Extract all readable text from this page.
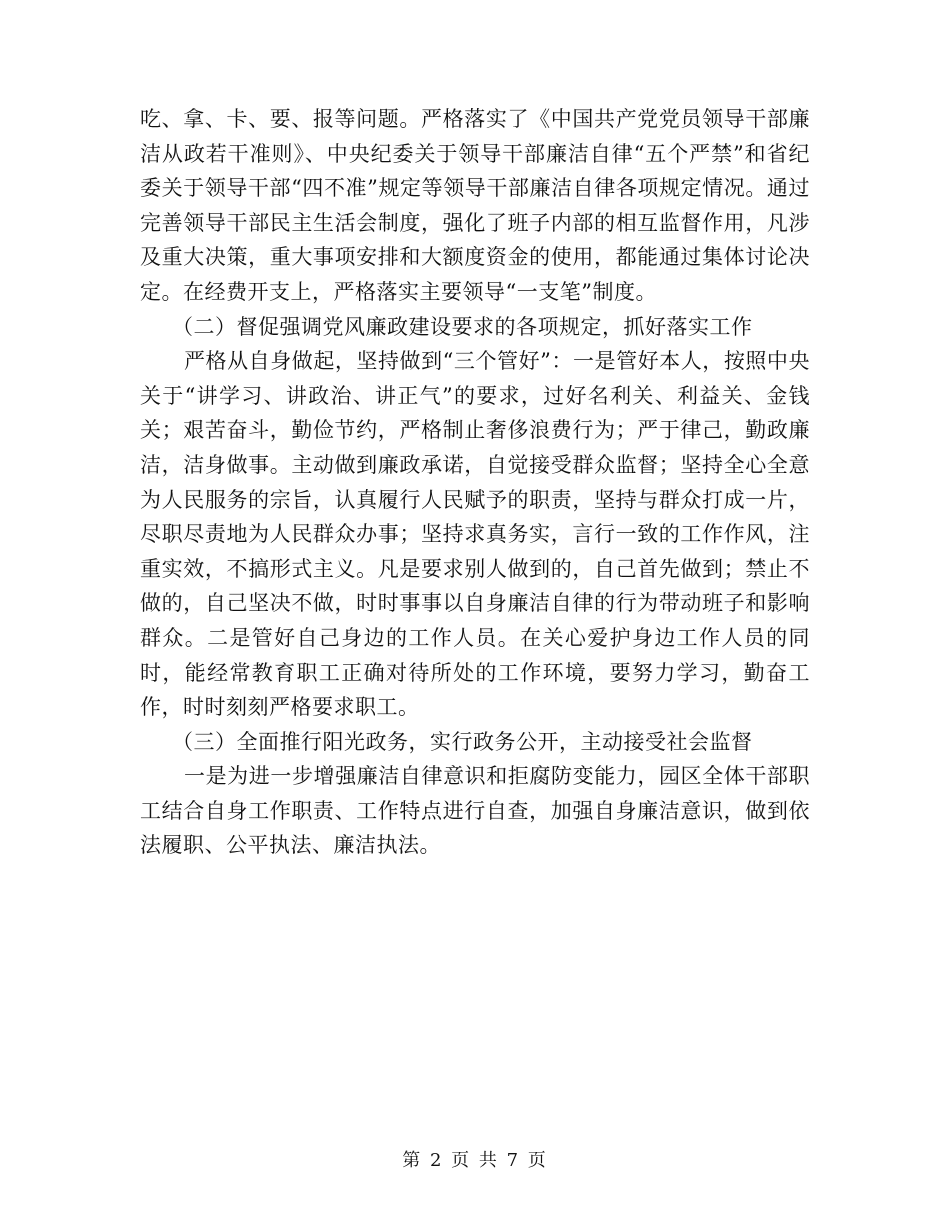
吃、拿、卡、要、报等问题。严格落实了《中国共产党党员领导干部廉洁从政若干准则》、中央纪委关于领导干部廉洁自律“五个严禁”和省纪委关于领导干部“四不准”规定等领导干部廉洁自律各项规定情况。通过完善领导干部民主生活会制度，强化了班子内部的相互监督作用，凡涉及重大决策，重大事项安排和大额度资金的使用，都能通过集体讨论决定。在经费开支上，严格落实主要领导“一支笔”制度。

（二）督促强调党风廉政建设要求的各项规定，抓好落实工作

严格从自身做起，坚持做到“三个管好”：一是管好本人，按照中央关于“讲学习、讲政治、讲正气”的要求，过好名利关、利益关、金钱关；艰苦奋斗，勤俭节约，严格制止奢侈浪费行为；严于律己，勤政廉洁，洁身做事。主动做到廉政承诺，自觉接受群众监督；坚持全心全意为人民服务的宗旨，认真履行人民赋予的职责，坚持与群众打成一片，尽职尽责地为人民群众办事；坚持求真务实，言行一致的工作作风，注重实效，不搞形式主义。凡是要求别人做到的，自己首先做到；禁止不做的，自己坚决不做，时时事事以自身廉洁自律的行为带动班子和影响群众。二是管好自己身边的工作人员。在关心爱护身边工作人员的同时，能经常教育职工正确对待所处的工作环境，要努力学习，勤奋工作，时时刻刻严格要求职工。

（三）全面推行阳光政务，实行政务公开，主动接受社会监督

一是为进一步增强廉洁自律意识和拒腐防变能力，园区全体干部职工结合自身工作职责、工作特点进行自查，加强自身廉洁意识，做到依法履职、公平执法、廉洁执法。

第 2 页 共 7 页
